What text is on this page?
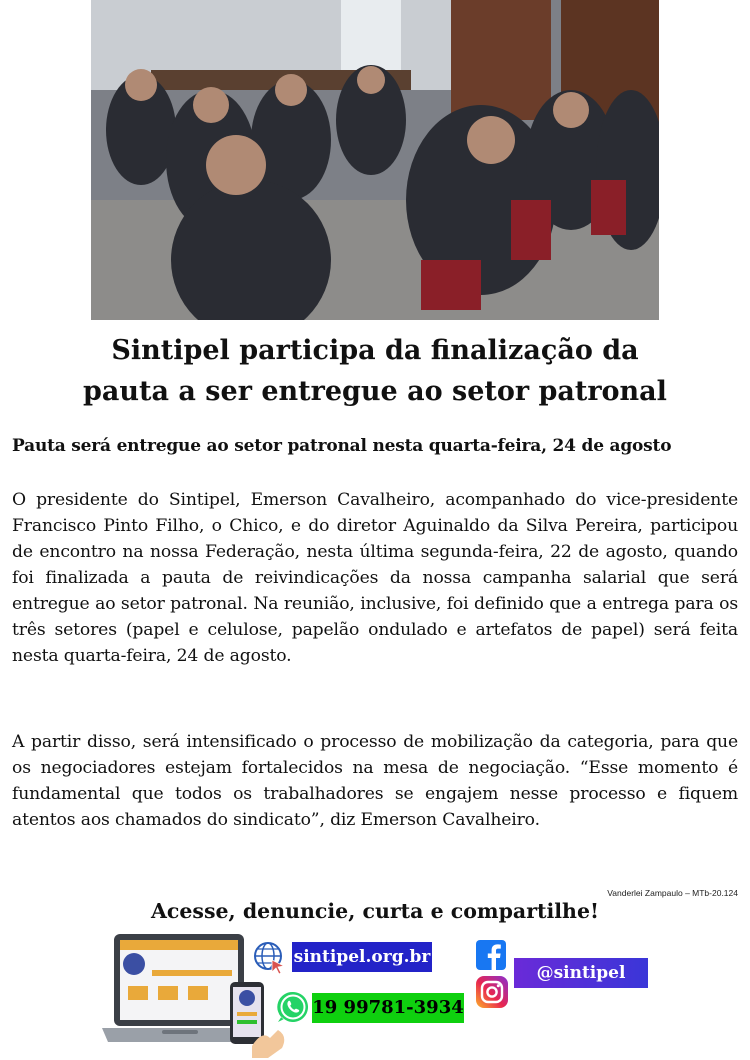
Sintipel participa da finalização da
pauta a ser entregue ao setor patronal
Pauta será entregue ao setor patronal nesta quarta-feira, 24 de agosto
O presidente do Sintipel, Emerson Cavalheiro, acompanhado do vice-presidente Francisco Pinto Filho, o Chico, e do diretor Aguinaldo da Silva Pereira, participou de encontro na nossa Federação, nesta última segunda-feira, 22 de agosto, quando foi finalizada a pauta de reivindicações da nossa campanha salarial que será entregue ao setor patronal. Na reunião, inclusive, foi definido que a entrega para os três setores (papel e celulose, papelão ondulado e artefatos de papel) será feita nesta quarta-feira, 24 de agosto.
A partir disso, será intensificado o processo de mobilização da categoria, para que os negociadores estejam fortalecidos na mesa de negociação. “Esse momento é fundamental que todos os trabalhadores se engajem nesse processo e fiquem atentos aos chamados do sindicato”, diz Emerson Cavalheiro.
Vanderlei Zampaulo – MTb-20.124
Acesse, denuncie, curta e compartilhe!
sintipel.org.br
@sintipel
19 99781-3934
